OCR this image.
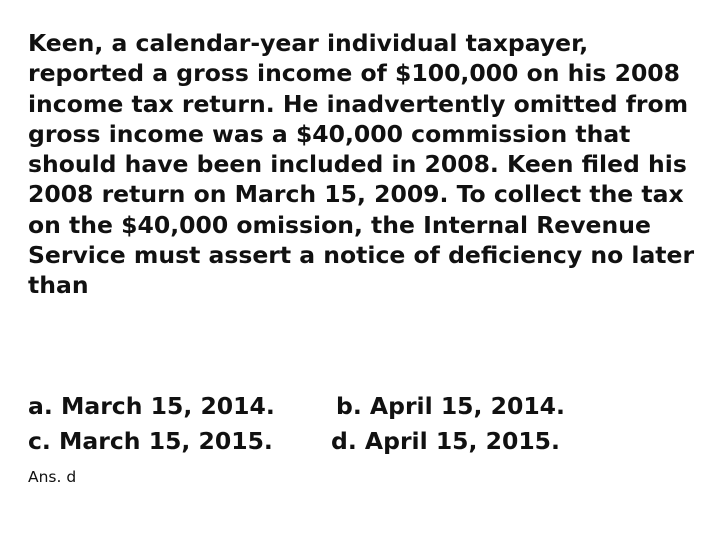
Keen, a calendar-year individual taxpayer,
reported a gross income of $100,000 on his 2008
income tax return. He inadvertently omitted from
gross income was a $40,000 commission that
should have been included in 2008. Keen filed his
2008 return on March 15, 2009. To collect the tax
on the $40,000 omission, the Internal Revenue
Service must assert a notice of deficiency no later
than

a. March 15, 2014.	b. April 15, 2014.
c. March 15, 2015. d. April 15, 2015.
Ans. d
